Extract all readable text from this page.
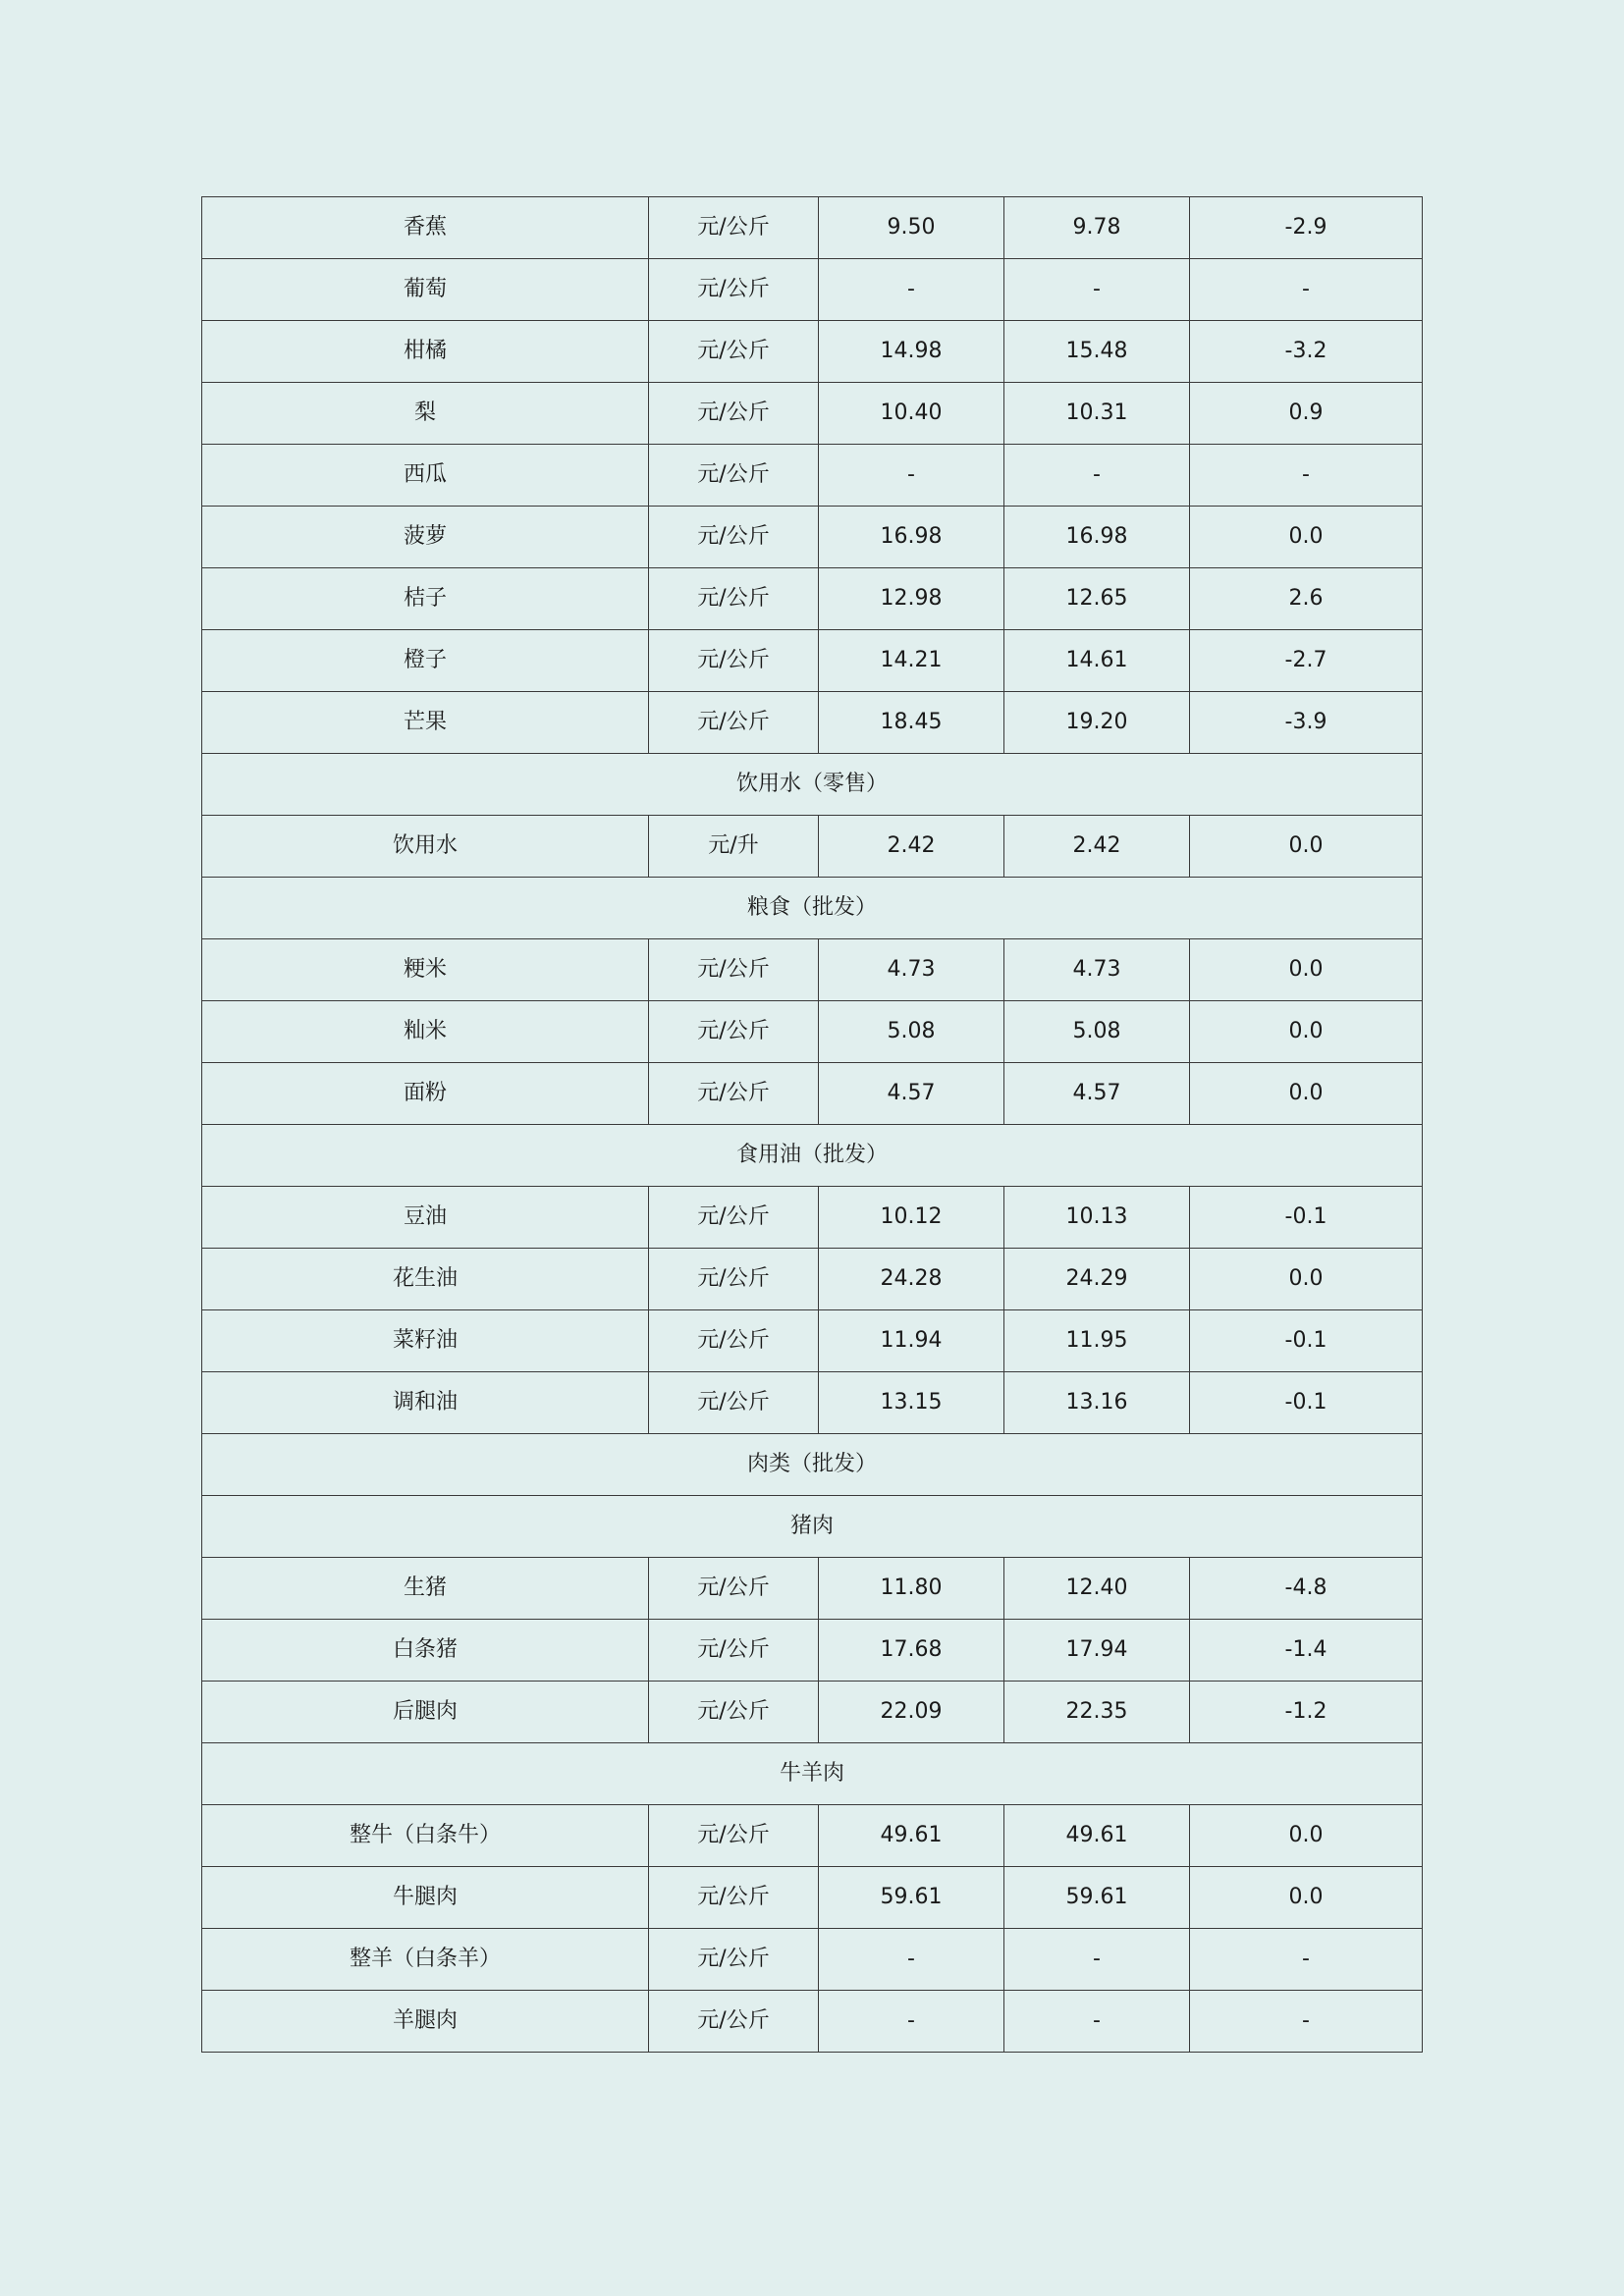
香蕉	元/公斤	9.50	9.78	-2.9
葡萄	元/公斤	-	-	-
柑橘	元/公斤	14.98	15.48	-3.2
梨	元/公斤	10.40	10.31	0.9
西瓜	元/公斤	-	-	-
菠萝	元/公斤	16.98	16.98	0.0
桔子	元/公斤	12.98	12.65	2.6
橙子	元/公斤	14.21	14.61	-2.7
芒果	元/公斤	18.45	19.20	-3.9
饮用水（零售）				
饮用水	元/升	2.42	2.42	0.0
粮食（批发）				
粳米	元/公斤	4.73	4.73	0.0
籼米	元/公斤	5.08	5.08	0.0
面粉	元/公斤	4.57	4.57	0.0
食用油（批发）				
豆油	元/公斤	10.12	10.13	-0.1
花生油	元/公斤	24.28	24.29	0.0
菜籽油	元/公斤	11.94	11.95	-0.1
调和油	元/公斤	13.15	13.16	-0.1
肉类（批发）				
猪肉				
生猪	元/公斤	11.80	12.40	-4.8
白条猪	元/公斤	17.68	17.94	-1.4
后腿肉	元/公斤	22.09	22.35	-1.2
牛羊肉				
整牛（白条牛）	元/公斤	49.61	49.61	0.0
牛腿肉	元/公斤	59.61	59.61	0.0
整羊（白条羊）	元/公斤	-	-	-
羊腿肉	元/公斤	-	-	-
